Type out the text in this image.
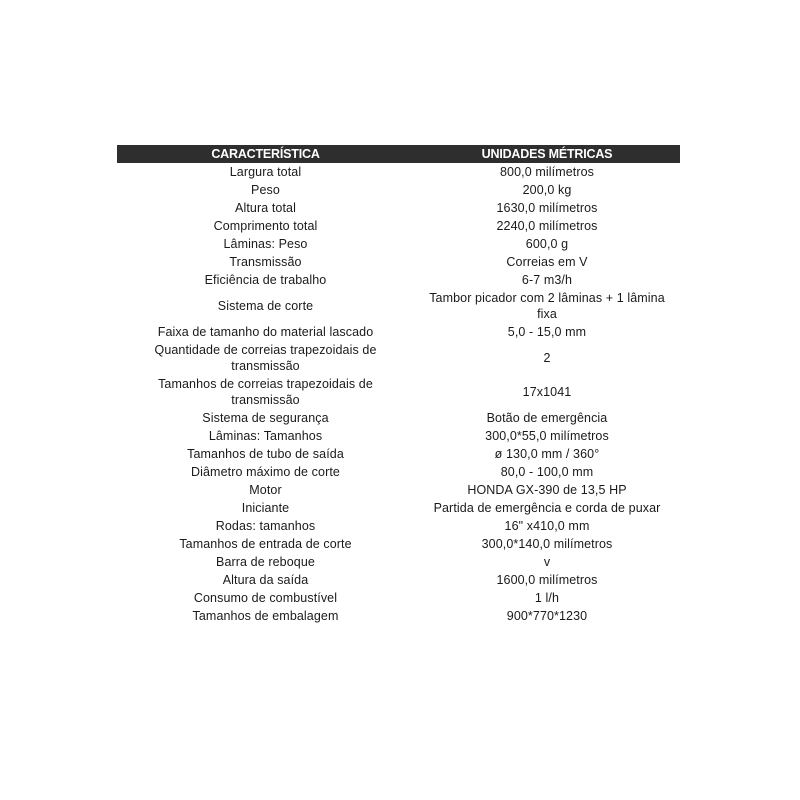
CARACTERÍSTICA	UNIDADES MÉTRICAS
Largura total	800,0 milímetros
Peso	200,0 kg
Altura total	1630,0 milímetros
Comprimento total	2240,0 milímetros
Lâminas: Peso	600,0 g
Transmissão	Correias em V
Eficiência de trabalho	6-7 m3/h
Sistema de corte	Tambor picador com 2 lâminas + 1 lâmina fixa
Faixa de tamanho do material lascado	5,0 - 15,0 mm
Quantidade de correias trapezoidais de transmissão	2
Tamanhos de correias trapezoidais de transmissão	17x1041
Sistema de segurança	Botão de emergência
Lâminas: Tamanhos	300,0*55,0 milímetros
Tamanhos de tubo de saída	ø 130,0 mm / 360°
Diâmetro máximo de corte	80,0 - 100,0 mm
Motor	HONDA GX-390 de 13,5 HP
Iniciante	Partida de emergência e corda de puxar
Rodas: tamanhos	16" x410,0 mm
Tamanhos de entrada de corte	300,0*140,0 milímetros
Barra de reboque	v
Altura da saída	1600,0 milímetros
Consumo de combustível	1 l/h
Tamanhos de embalagem	900*770*1230
